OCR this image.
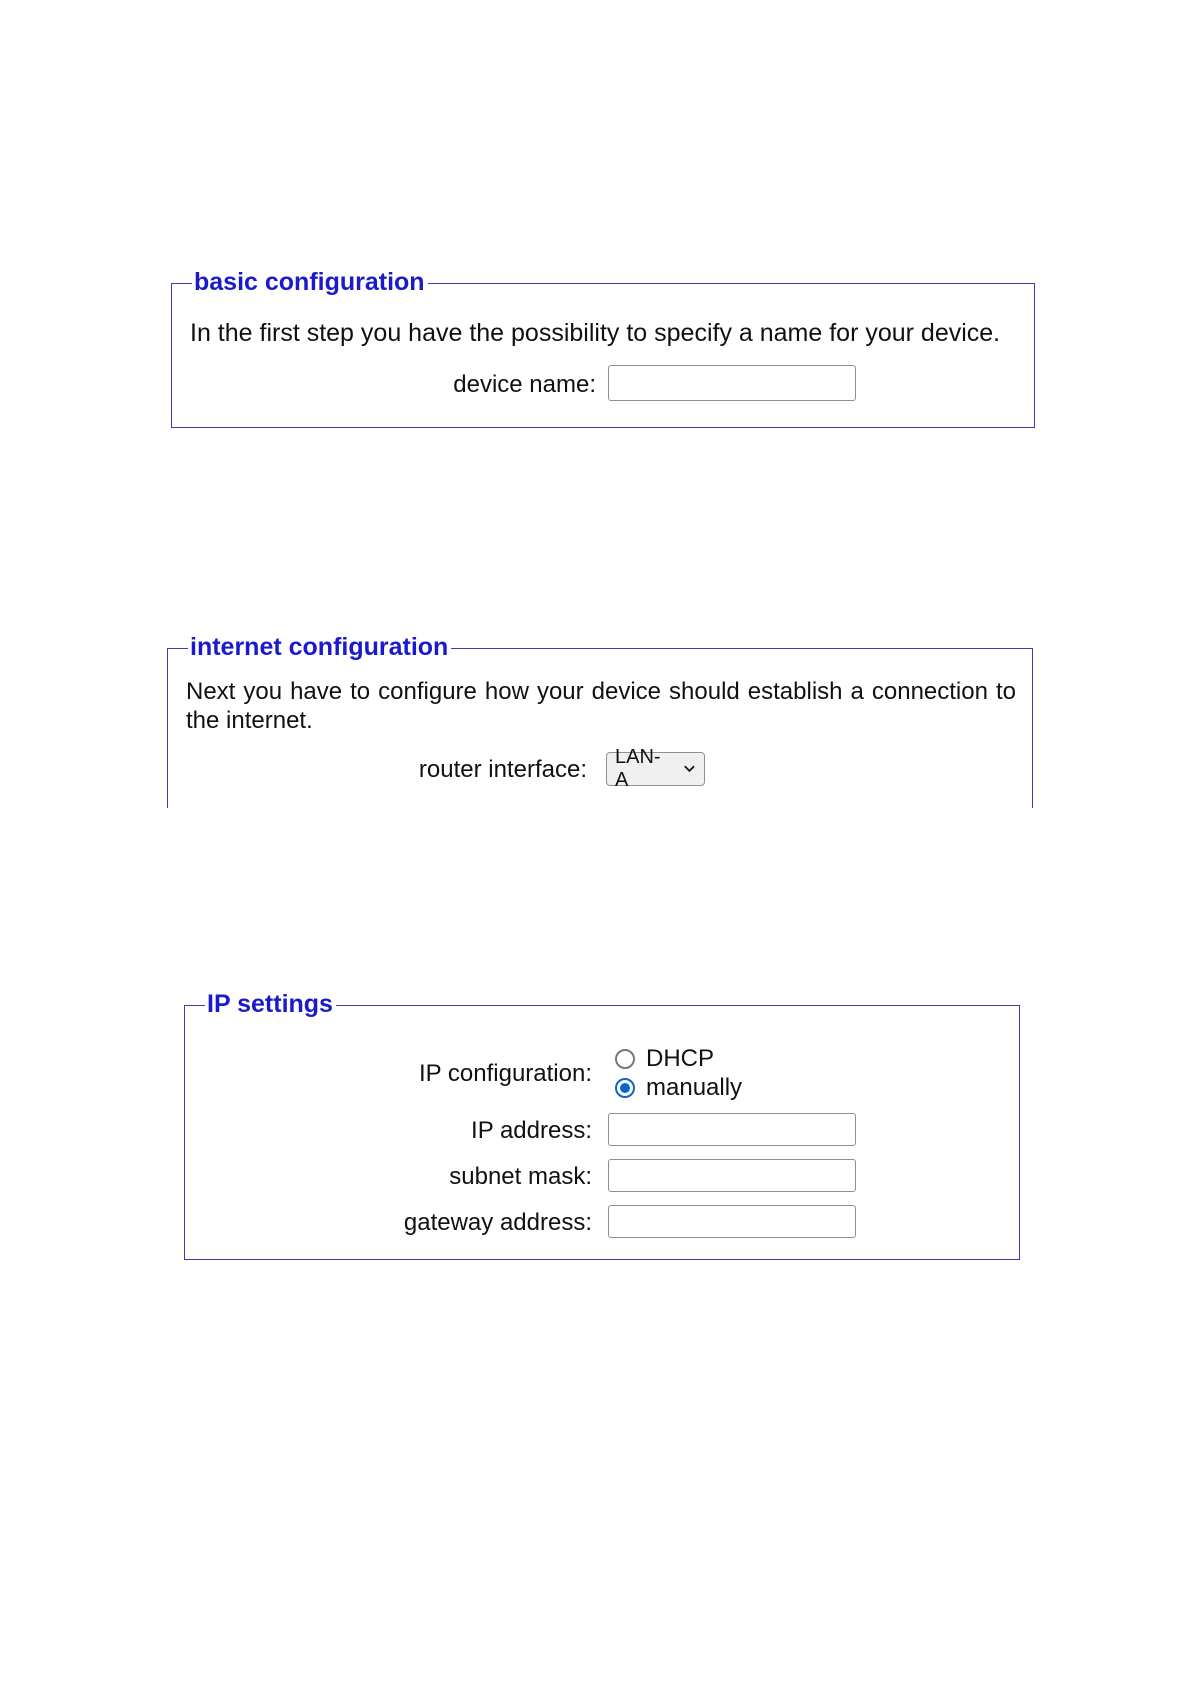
basic configuration
In the first step you have the possibility to specify a name for your device.
device name:
internet configuration
Next you have to configure how your device should establish a connection to the internet.
router interface: LAN-A
IP settings
IP configuration:
DHCP
manually
IP address:
subnet mask:
gateway address:
